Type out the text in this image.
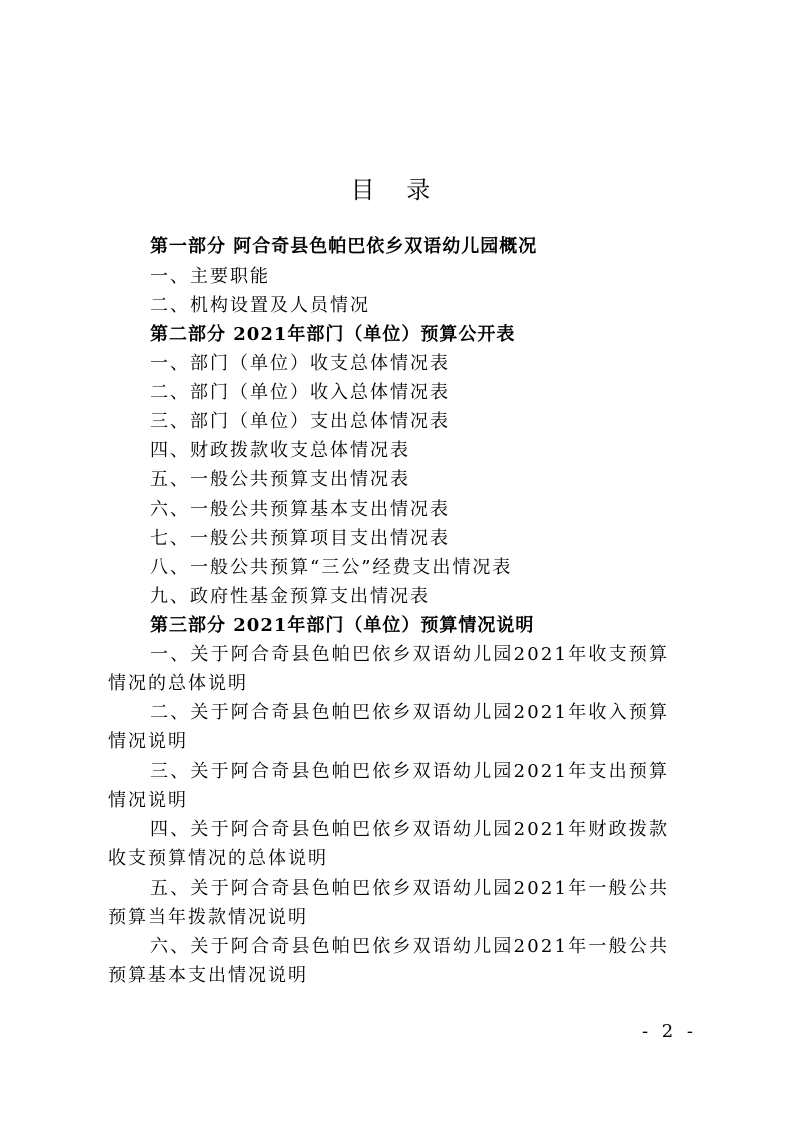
目 录
第一部分 阿合奇县色帕巴依乡双语幼儿园概况
一、主要职能
二、机构设置及人员情况
第二部分 2021年部门（单位）预算公开表
一、部门（单位）收支总体情况表
二、部门（单位）收入总体情况表
三、部门（单位）支出总体情况表
四、财政拨款收支总体情况表
五、一般公共预算支出情况表
六、一般公共预算基本支出情况表
七、一般公共预算项目支出情况表
八、一般公共预算“三公”经费支出情况表
九、政府性基金预算支出情况表
第三部分 2021年部门（单位）预算情况说明
一、关于阿合奇县色帕巴依乡双语幼儿园2021年收支预算
情况的总体说明
二、关于阿合奇县色帕巴依乡双语幼儿园2021年收入预算
情况说明
三、关于阿合奇县色帕巴依乡双语幼儿园2021年支出预算
情况说明
四、关于阿合奇县色帕巴依乡双语幼儿园2021年财政拨款
收支预算情况的总体说明
五、关于阿合奇县色帕巴依乡双语幼儿园2021年一般公共
预算当年拨款情况说明
六、关于阿合奇县色帕巴依乡双语幼儿园2021年一般公共
预算基本支出情况说明
- 2 -
